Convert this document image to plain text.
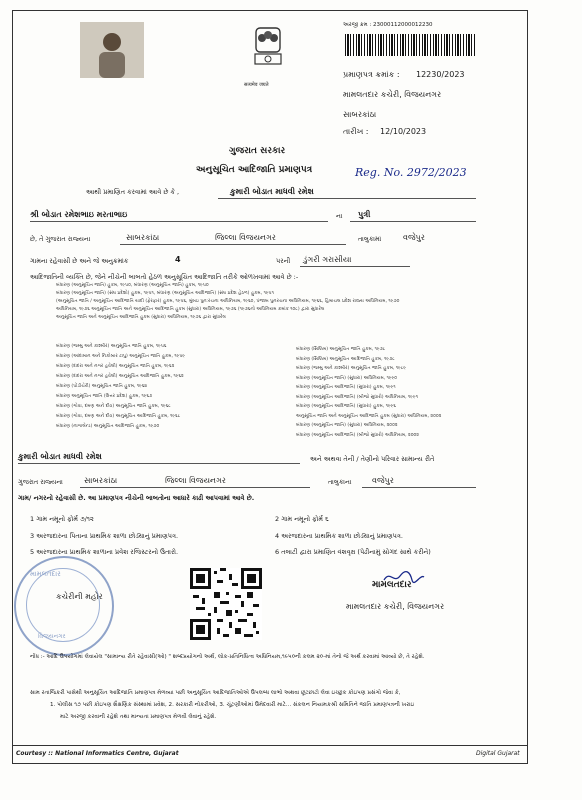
सत्यमेव जयते
અરજી ક્રમ : 23000112000012230
પ્રમાણપત્ર ક્રમાંક : 12230/2023
મામલતદાર કચેરી, વિજયનગર
સાબરકાંઠા
તારીખ : 12/10/2023
ગુજરાત સરકાર
અનુસૂચિત આદિજાતિ પ્રમાણપત્ર	Reg. No. 2972/2023
આથી પ્રમાણિત કરવામાં આવે છે કે ,	કુમારી બોડાત માધવી રમેશ
શ્રી બોડાત રમેશભાઇ મરતાભાઇ	ના પુત્રી
છે, તે ગુજરાત રાજ્યના	સાબરકાંઠા	જિલ્લા વિજયનગર	તાલુકામાં	વજેપુર
ગામના રહેવાસી છે અને જે અનુક્રમાંક	4	પરની ડુંગરી ગરાસીયા
આદિજાતિની વ્યક્તિ છે, જેને નીચેની બાબતો હેઠળ અનુસૂચિત આદિજાતિ તરીકે ઓળખવામાં આવે છે :-
બંધારણ (અનુસૂચિત જાતિ) હુકમ, ૧૯૫૦, બંધારણ (અનુસૂચિત જાતિ) હુકમ, ૧૯૫૦
બંધારણ (અનુસૂચિત જાતિ) (સંઘ પ્રદેશો) હુકમ, ૧૯૫૧, બંધારણ (અનુસૂચિત આદિજાતિ) (સંઘ પ્રદેશ હેઠળ) હુકમ, ૧૯૫૧
(અનુસૂચિત જાતિ / અનુસૂચિત આદિજાતિ યાદી (ફેરફાર) હુકમ, ૧૯૫૬, મુંબઇ પુનઃરચના અધિનિયમ, ૧૯૬૦, પંજાબ પુનરચના અધિનિયમ, ૧૯૬૬, હિમાચલ પ્રદેશ રાજ્ય અધિનિયમ, ૧૯૭૦
અધિનિયમ, ૧૯૭૬ અનુસૂચિત જાતિ અને અનુસૂચિત આદિજાતિ હુકમ (સુધારા) અધિનિયમ, ૧૯૭૬ (૧૯૭૬નો અધિનિયમ ક્રમાંક ૧૦૮) દ્વારા સુધારેલ
અનુસૂચિત જાતિ અને અનુસૂચિત આદિજાતિ હુકમ (સુધારા) અધિનિયમ, ૧૯૭૬ દ્વારા સુધારેલ
બંધારણ (જમ્મુ અને કાશ્મીર) અનુસૂચિત જાતિ હુકમ, ૧૯૫૬
બંધારણ (આંદામાન અને નિકોબાર ટાપુ) અનુસૂચિત જાતિ હુકમ, ૧૯૫૯
બંધારણ (દાદરા અને નગર હવેલી) અનુસૂચિત જાતિ હુકમ, ૧૯૬૨
બંધારણ (દાદરા અને નગર હવેલી) અનુસૂચિત આદિજાતિ હુકમ, ૧૯૬૨
બંધારણ (પોંડીચેરી) અનુસૂચિત જાતિ હુકમ, ૧૯૬૪
બંધારણ અનુસૂચિત જાતિ (ઉત્તર પ્રદેશ) હુકમ, ૧૯૬૭
બંધારણ (ગોવા, દમણ અને દીવ) અનુસૂચિત જાતિ હુકમ, ૧૯૬૮
બંધારણ (ગોવા, દમણ અને દીવ) અનુસૂચિત આદિજાતિ હુકમ, ૧૯૬૮
બંધારણ (નાગાલેન્ડ) અનુસૂચિત આદિજાતિ હુકમ, ૧૯૭૦
બંધારણ (સિક્કિમ) અનુસૂચિત જાતિ હુકમ, ૧૯૭૮
બંધારણ (સિક્કિમ) અનુસૂચિત આદિજાતિ હુકમ, ૧૯૭૮
બંધારણ (જમ્મુ અને કાશ્મીર) અનુસૂચિત જાતિ હુકમ, ૧૯૮૯
બંધારણ (અનુસૂચિત જાતિ) (સુધારા) અધિનિયમ, ૧૯૯૦
બંધારણ (અનુસૂચિત આદિજાતિ) (સુધારા) હુકમ, ૧૯૯૧
બંધારણ (અનુસૂચિત આદિજાતિ) (બીજો સુધારો) અધિનિયમ, ૧૯૯૧
બંધારણ (અનુસૂચિત આદિજાતિ) (સુધારા) હુકમ, ૧૯૯૬
અનુસૂચિત જાતિ અને અનુસૂચિત આદિજાતિ હુકમ (સુધારા) અધિનિયમ, ૨૦૦૨
બંધારણ (અનુસૂચિત જાતિ) (સુધારા) અધિનિયમ, ૨૦૦૨
બંધારણ (અનુસૂચિત આદિજાતિ) (બીજો સુધારો) અધિનિયમ, ૨૦૦૨
કુમારી બોડાત માધવી રમેશ	અને અથવા તેની / તેણીનો પરિવાર સામાન્ય રીતે
ગુજરાત રાજ્યના	સાબરકાંઠા	જિલ્લા વિજયનગર	તાલુકાના	વજેપુર
ગામ/ નગરનો રહેવાસી છે. આ પ્રમાણપત્ર નીચેની બાબતોના આધારે કાઢી આપવામાં આવે છે.
1 ગામ નમૂનો ફોર્મ ૭/૧૨	2 ગામ નમૂનો ફોર્મ ૬
3 અરજદારના પિતાના પ્રાથમિક શાળા છોડ્યાનું પ્રમાણપત્ર.	4 અરજદારના પ્રાથમિક શાળા છોડ્યાનું પ્રમાણપત્ર.
5 અરજદારના પ્રાથમિક શાળાના પ્રવેશ રજિસ્ટરનો ઉતારો.	6 તલાટી દ્વારા પ્રમાણિત વંશવૃક્ષ (પેઢીનામું સોગંદ સાથે કરીને)
મામલતદાર
વિજયનગર
કચેરીની મહોર
મામલતદાર
મામલતદાર કચેરી, વિજયનગર
નોંધ :- આદિ ઉપયોગમાં લેવાયેલ "સામાન્ય રીતે રહેવાસી(ઓ) " શબ્દપ્રયોગનો અર્થ, લોક-પ્રતિનિધિત્વ અધિનિયમ,૧૯૫૦ની કલમ ૨૦-માં તેનો જે અર્થ કરવામાં આવ્યો છે, તે રહેશે.
સામ રતાજિકરી પાસેથી અનુસૂચિત આદિજાતિ પ્રમાણપત્ર મેળવ્યા પછી અનુસૂચિત આદિજાતિઓએ ઉપલબ્ધ લાભો અથવા છૂટછાટો લેવા ઇચ્છુક કોઇપણ પ્રસંગો જેવા કે,
1. પોલીસ ૧૭ પછી કોઇપણ શૈક્ષણિક સંસ્થામાં પ્રવેશ, 2. સરકારી નોકરીઓ, 3. ચૂંટણીઓમાં ઉમેદવારી માટે... સંકલન નિયામકશ્રી સમિતિને જાતિ પ્રમાણપત્રની ખરાઇ
માટે અરજી કરવાની રહેશે તથા માન્યતા પ્રમાણપત્ર મેળવી લેવાનું રહેશે.
Courtesy :: National Informatics Centre, Gujarat	Digital Gujarat
